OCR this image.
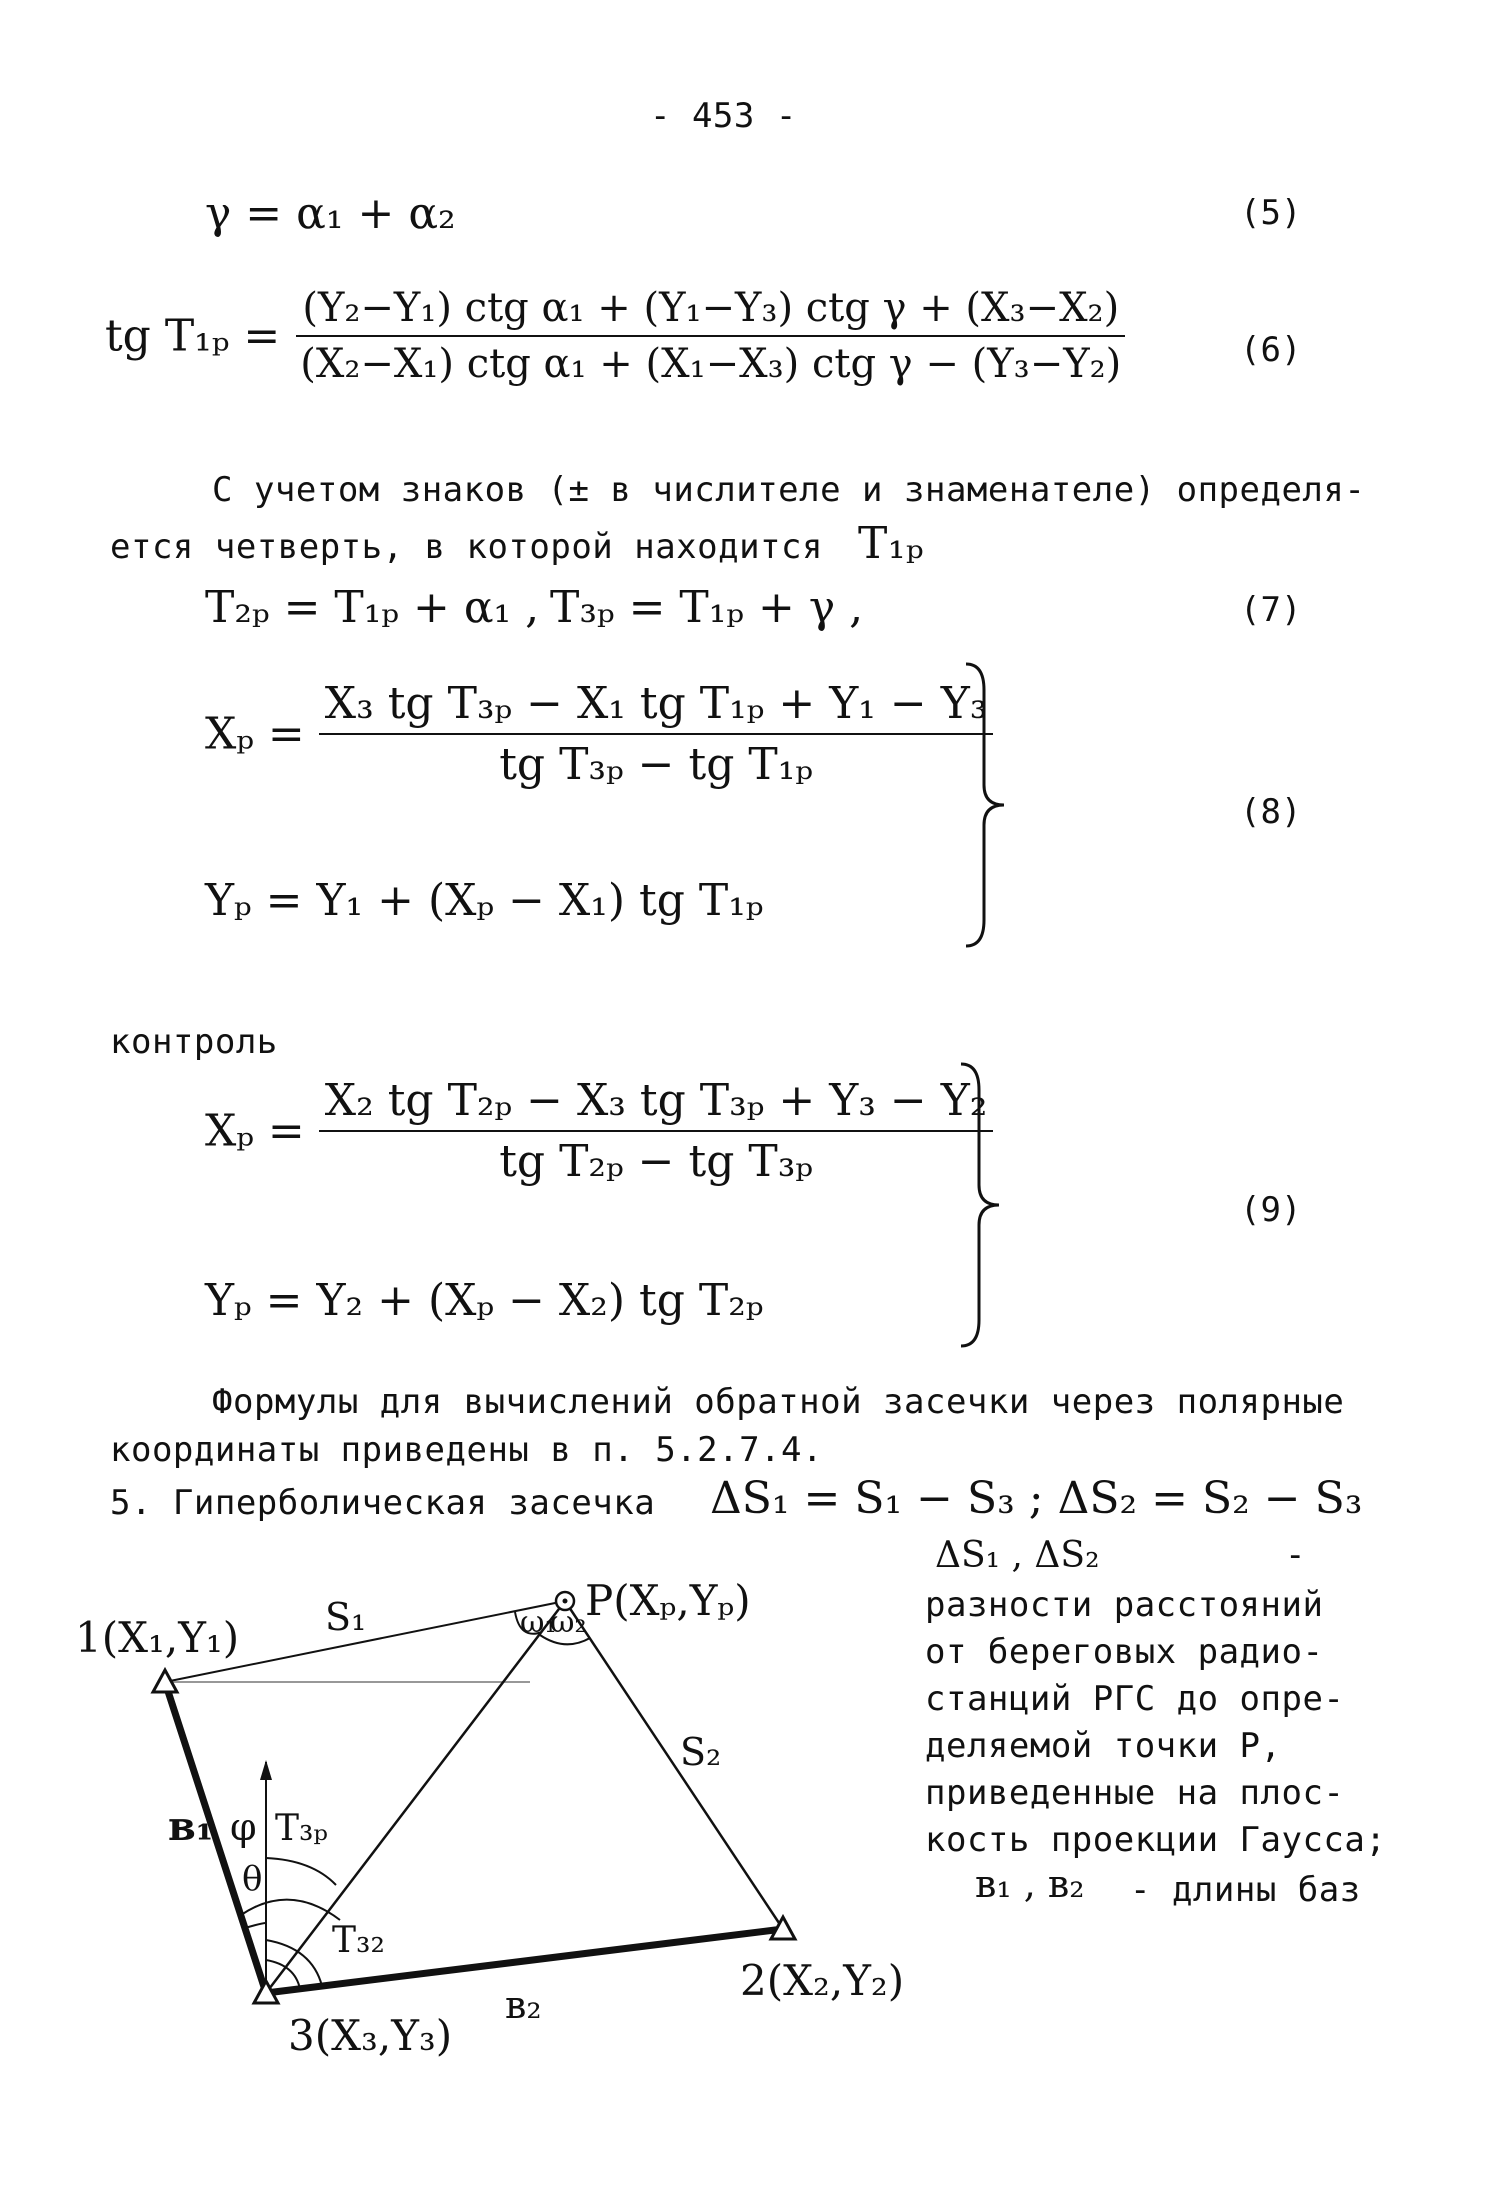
- 453 -
γ = α₁ + α₂	(5)
tg $T_{1p} = \frac{\text{(Y₂−Y₁) ctg α₁ + (Y₁−Y₃) ctg γ + (X₃−X₂)}}{\text{(X₂−X₁) ctg α₁ + (X₁−X₃) ctg γ − (Y₃−Y₂)}}$	(6)
С учетом знаков (± в числителе и знаменателе) определя-
ется четверть, в которой находится T₁ₚ
T₂ₚ = T₁ₚ + α₁ , T₃ₚ = T₁ₚ + γ ,	(7)
$X_p = \frac{\text{X₃ tg T₃ₚ − X₁ tg T₁ₚ + Y₁ − Y₃}}{\text{tg T₃ₚ − tg T₁ₚ}}$
Yₚ = Y₁ + (Xₚ − X₁) tg T₁ₚ
(8)
контроль
$X_p = \frac{\text{X₂ tg T₂ₚ − X₃ tg T₃ₚ + Y₃ − Y₂}}{\text{tg T₂ₚ − tg T₃ₚ}}$
Yₚ = Y₂ + (Xₚ − X₂) tg T₂ₚ
(9)
Формулы для вычислений обратной засечки через полярные
координаты приведены в п. 5.2.7.4.
5. Гиперболическая засечка ΔS₁ = S₁ − S₃ ; ΔS₂ = S₂ − S₃
ΔS₁ , ΔS₂	-
разности расстояний
от береговых радио-
станций РГС до опре-
деляемой точки Р,
приведенные на плос-
кость проекции Гаусса;
в₁ , в₂ - длины баз
1(X₁,Y₁)
P(Xₚ,Yₚ)
2(X₂,Y₂)
3(X₃,Y₃)
S₁
S₂
в₁
в₂
ω₁
ω₂
φ
θ
T₃ₚ
T₃₂
